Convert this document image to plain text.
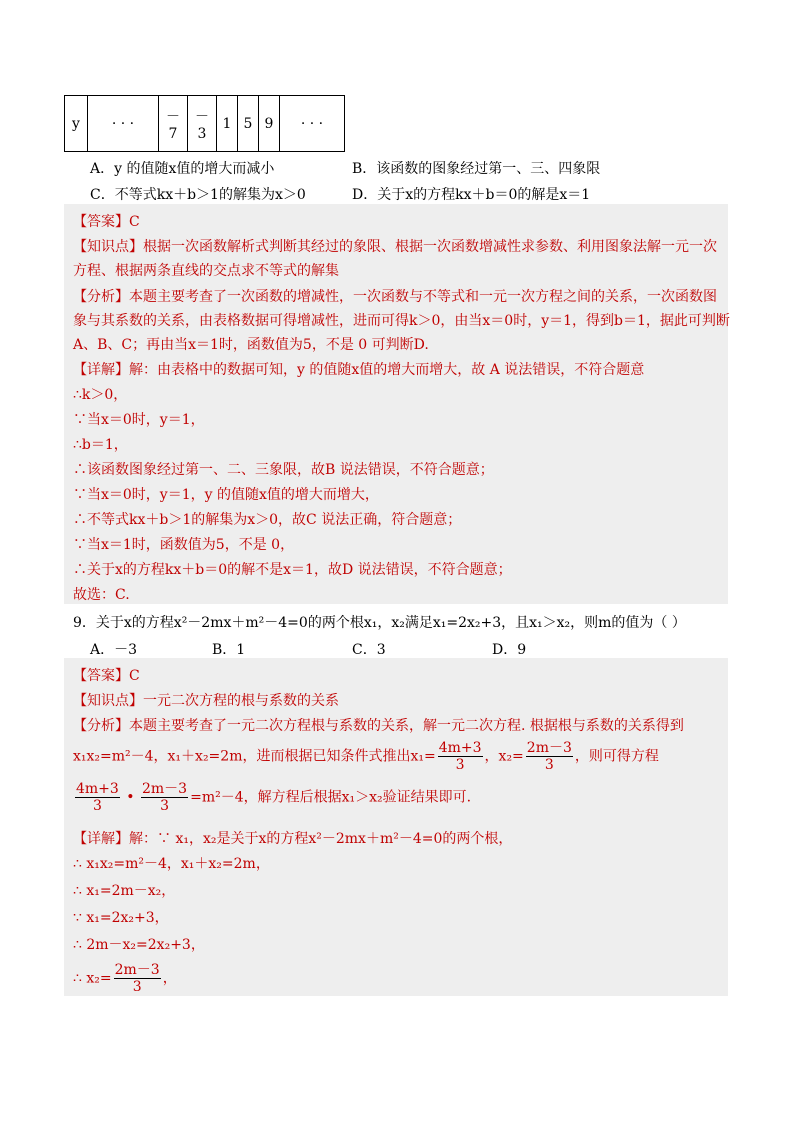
y	· · ·	－7	－3	1	5	9	· · ·
A．y 的值随x值的增大而减小	B．该函数的图象经过第一、三、四象限
C．不等式kx＋b＞1的解集为x＞0	D．关于x的方程kx＋b＝0的解是x＝1
【答案】C
【知识点】根据一次函数解析式判断其经过的象限、根据一次函数增减性求参数、利用图象法解一元一次
方程、根据两条直线的交点求不等式的解集
【分析】本题主要考查了一次函数的增减性，一次函数与不等式和一元一次方程之间的关系，一次函数图
象与其系数的关系，由表格数据可得增减性，进而可得k＞0，由当x＝0时，y＝1，得到b＝1，据此可判断
A、B、C；再由当x＝1时，函数值为5，不是 0 可判断D.
【详解】解：由表格中的数据可知，y 的值随x值的增大而增大，故 A 说法错误，不符合题意
∴k＞0，
∵当x＝0时，y＝1，
∴b＝1，
∴该函数图象经过第一、二、三象限，故B 说法错误，不符合题意；
∵当x＝0时，y＝1，y 的值随x值的增大而增大，
∴不等式kx＋b＞1的解集为x＞0，故C 说法正确，符合题意；
∵当x＝1时，函数值为5，不是 0，
∴关于x的方程kx＋b＝0的解不是x＝1，故D 说法错误，不符合题意；
故选：C.
9．关于x的方程x²－2mx＋m²－4=0的两个根x₁，x₂满足x₁=2x₂+3，且x₁＞x₂，则m的值为（ ）
A．－3	B．1	C．3	D．9
【答案】C
【知识点】一元二次方程的根与系数的关系
【分析】本题主要考查了一元二次方程根与系数的关系，解一元二次方程. 根据根与系数的关系得到
x₁x₂=m²－4，x₁＋x₂=2m，进而根据已知条件式推出$x_1= \frac{4m+3}{3}$ ，$x_2= \frac{2m-3}{3}$ ，则可得方程
$\frac{4m+3}{3}$ • $\frac{2m-3}{3} =m^2-4$，解方程后根据x₁＞x₂验证结果即可.
【详解】解：∵ x₁，x₂是关于x的方程x²－2mx＋m²－4=0的两个根，
∴ x₁x₂=m²－4，x₁＋x₂=2m，
∴ x₁=2m－x₂，
∵ x₁=2x₂+3，
∴ 2m－x₂=2x₂+3，
∴ $x_2= \frac{2m-3}{3}$ ，
